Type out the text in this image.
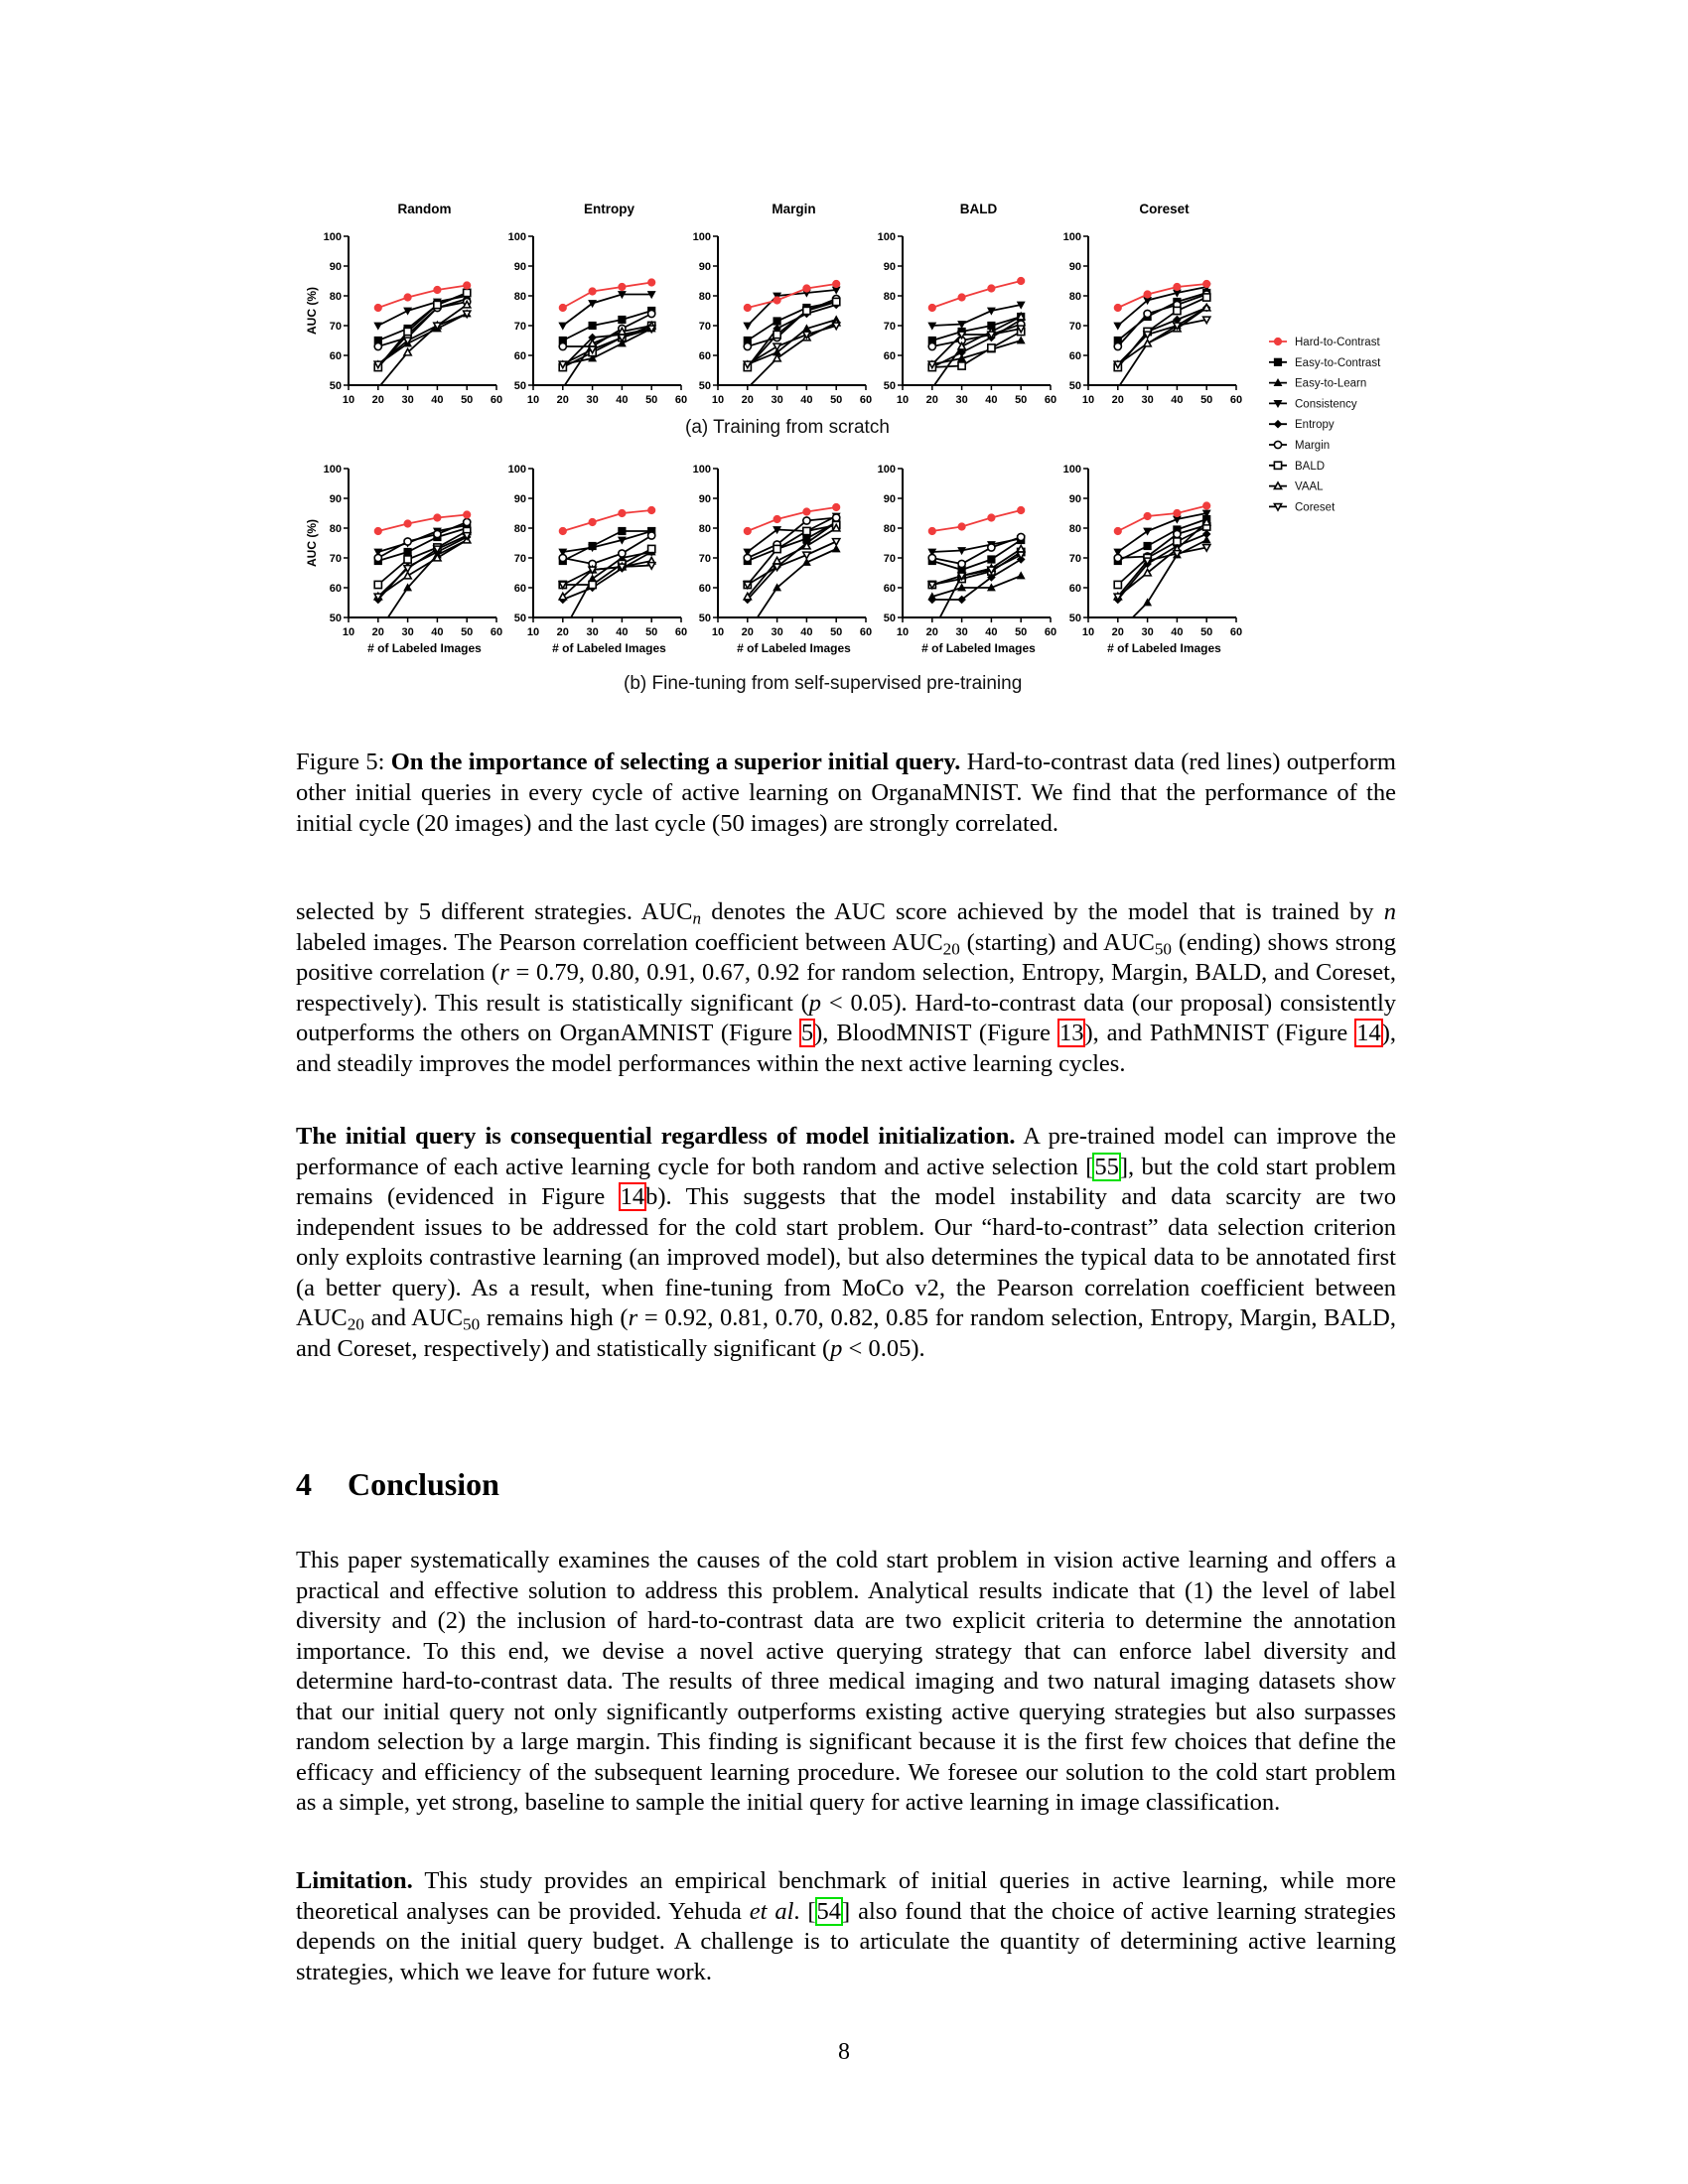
Random
50
60
70
80
90
100
10 20 30 40 50 60
AUC (%)
Entropy
50
60
70
80
90
100
10 20 30 40 50 60
Margin
50
60
70
80
90
100
10 20 30 40 50 60
BALD
50
60
70
80
90
100
10 20 30 40 50 60
Coreset
50
60
70
80
90
100
10 20 30 40 50 60
50
60
70
80
90
100
10 20 30 40 50 60
AUC (%)
# of Labeled Images
50
60
70
80
90
100
10 20 30 40 50 60
# of Labeled Images
50
60
70
80
90
100
10 20 30 40 50 60
# of Labeled Images
50
60
70
80
90
100
10 20 30 40 50 60
# of Labeled Images
50
60
70
80
90
100
10 20 30 40 50 60
# of Labeled Images
Hard-to-Contrast
Easy-to-Contrast
Easy-to-Learn
Consistency
Entropy
Margin
BALD
VAAL
Coreset
(a) Training from scratch
(b) Fine-tuning from self-supervised pre-training
Figure 5: On the importance of selecting a superior initial query. Hard-to-contrast data (red lines) outperform other initial queries in every cycle of active learning on OrganaMNIST. We find that the performance of the initial cycle (20 images) and the last cycle (50 images) are strongly correlated.

selected by 5 different strategies. $AUC_n$ denotes the AUC score achieved by the model that is trained by n labeled images. The Pearson correlation coefficient between $AUC_{20}$ (starting) and $AUC_{50}$ (ending) shows strong positive correlation (r = 0.79, 0.80, 0.91, 0.67, 0.92 for random selection, Entropy, Margin, BALD, and Coreset, respectively). This result is statistically significant (p < 0.05). Hard-to-contrast data (our proposal) consistently outperforms the others on OrganAMNIST (Figure 5), BloodMNIST (Figure 13), and PathMNIST (Figure 14), and steadily improves the model performances within the next active learning cycles.

The initial query is consequential regardless of model initialization. A pre-trained model can improve the performance of each active learning cycle for both random and active selection [55], but the cold start problem remains (evidenced in Figure 14b). This suggests that the model instability and data scarcity are two independent issues to be addressed for the cold start problem. Our “hard-to-contrast” data selection criterion only exploits contrastive learning (an improved model), but also determines the typical data to be annotated first (a better query). As a result, when fine-tuning from MoCo v2, the Pearson correlation coefficient between $AUC_{20}$ and $AUC_{50}$ remains high (r = 0.92, 0.81, 0.70, 0.82, 0.85 for random selection, Entropy, Margin, BALD, and Coreset, respectively) and statistically significant (p < 0.05).

4 Conclusion

This paper systematically examines the causes of the cold start problem in vision active learning and offers a practical and effective solution to address this problem. Analytical results indicate that (1) the level of label diversity and (2) the inclusion of hard-to-contrast data are two explicit criteria to determine the annotation importance. To this end, we devise a novel active querying strategy that can enforce label diversity and determine hard-to-contrast data. The results of three medical imaging and two natural imaging datasets show that our initial query not only significantly outperforms existing active querying strategies but also surpasses random selection by a large margin. This finding is significant because it is the first few choices that define the efficacy and efficiency of the subsequent learning procedure. We foresee our solution to the cold start problem as a simple, yet strong, baseline to sample the initial query for active learning in image classification.

Limitation. This study provides an empirical benchmark of initial queries in active learning, while more theoretical analyses can be provided. Yehuda et al. [54] also found that the choice of active learning strategies depends on the initial query budget. A challenge is to articulate the quantity of determining active learning strategies, which we leave for future work.

8
